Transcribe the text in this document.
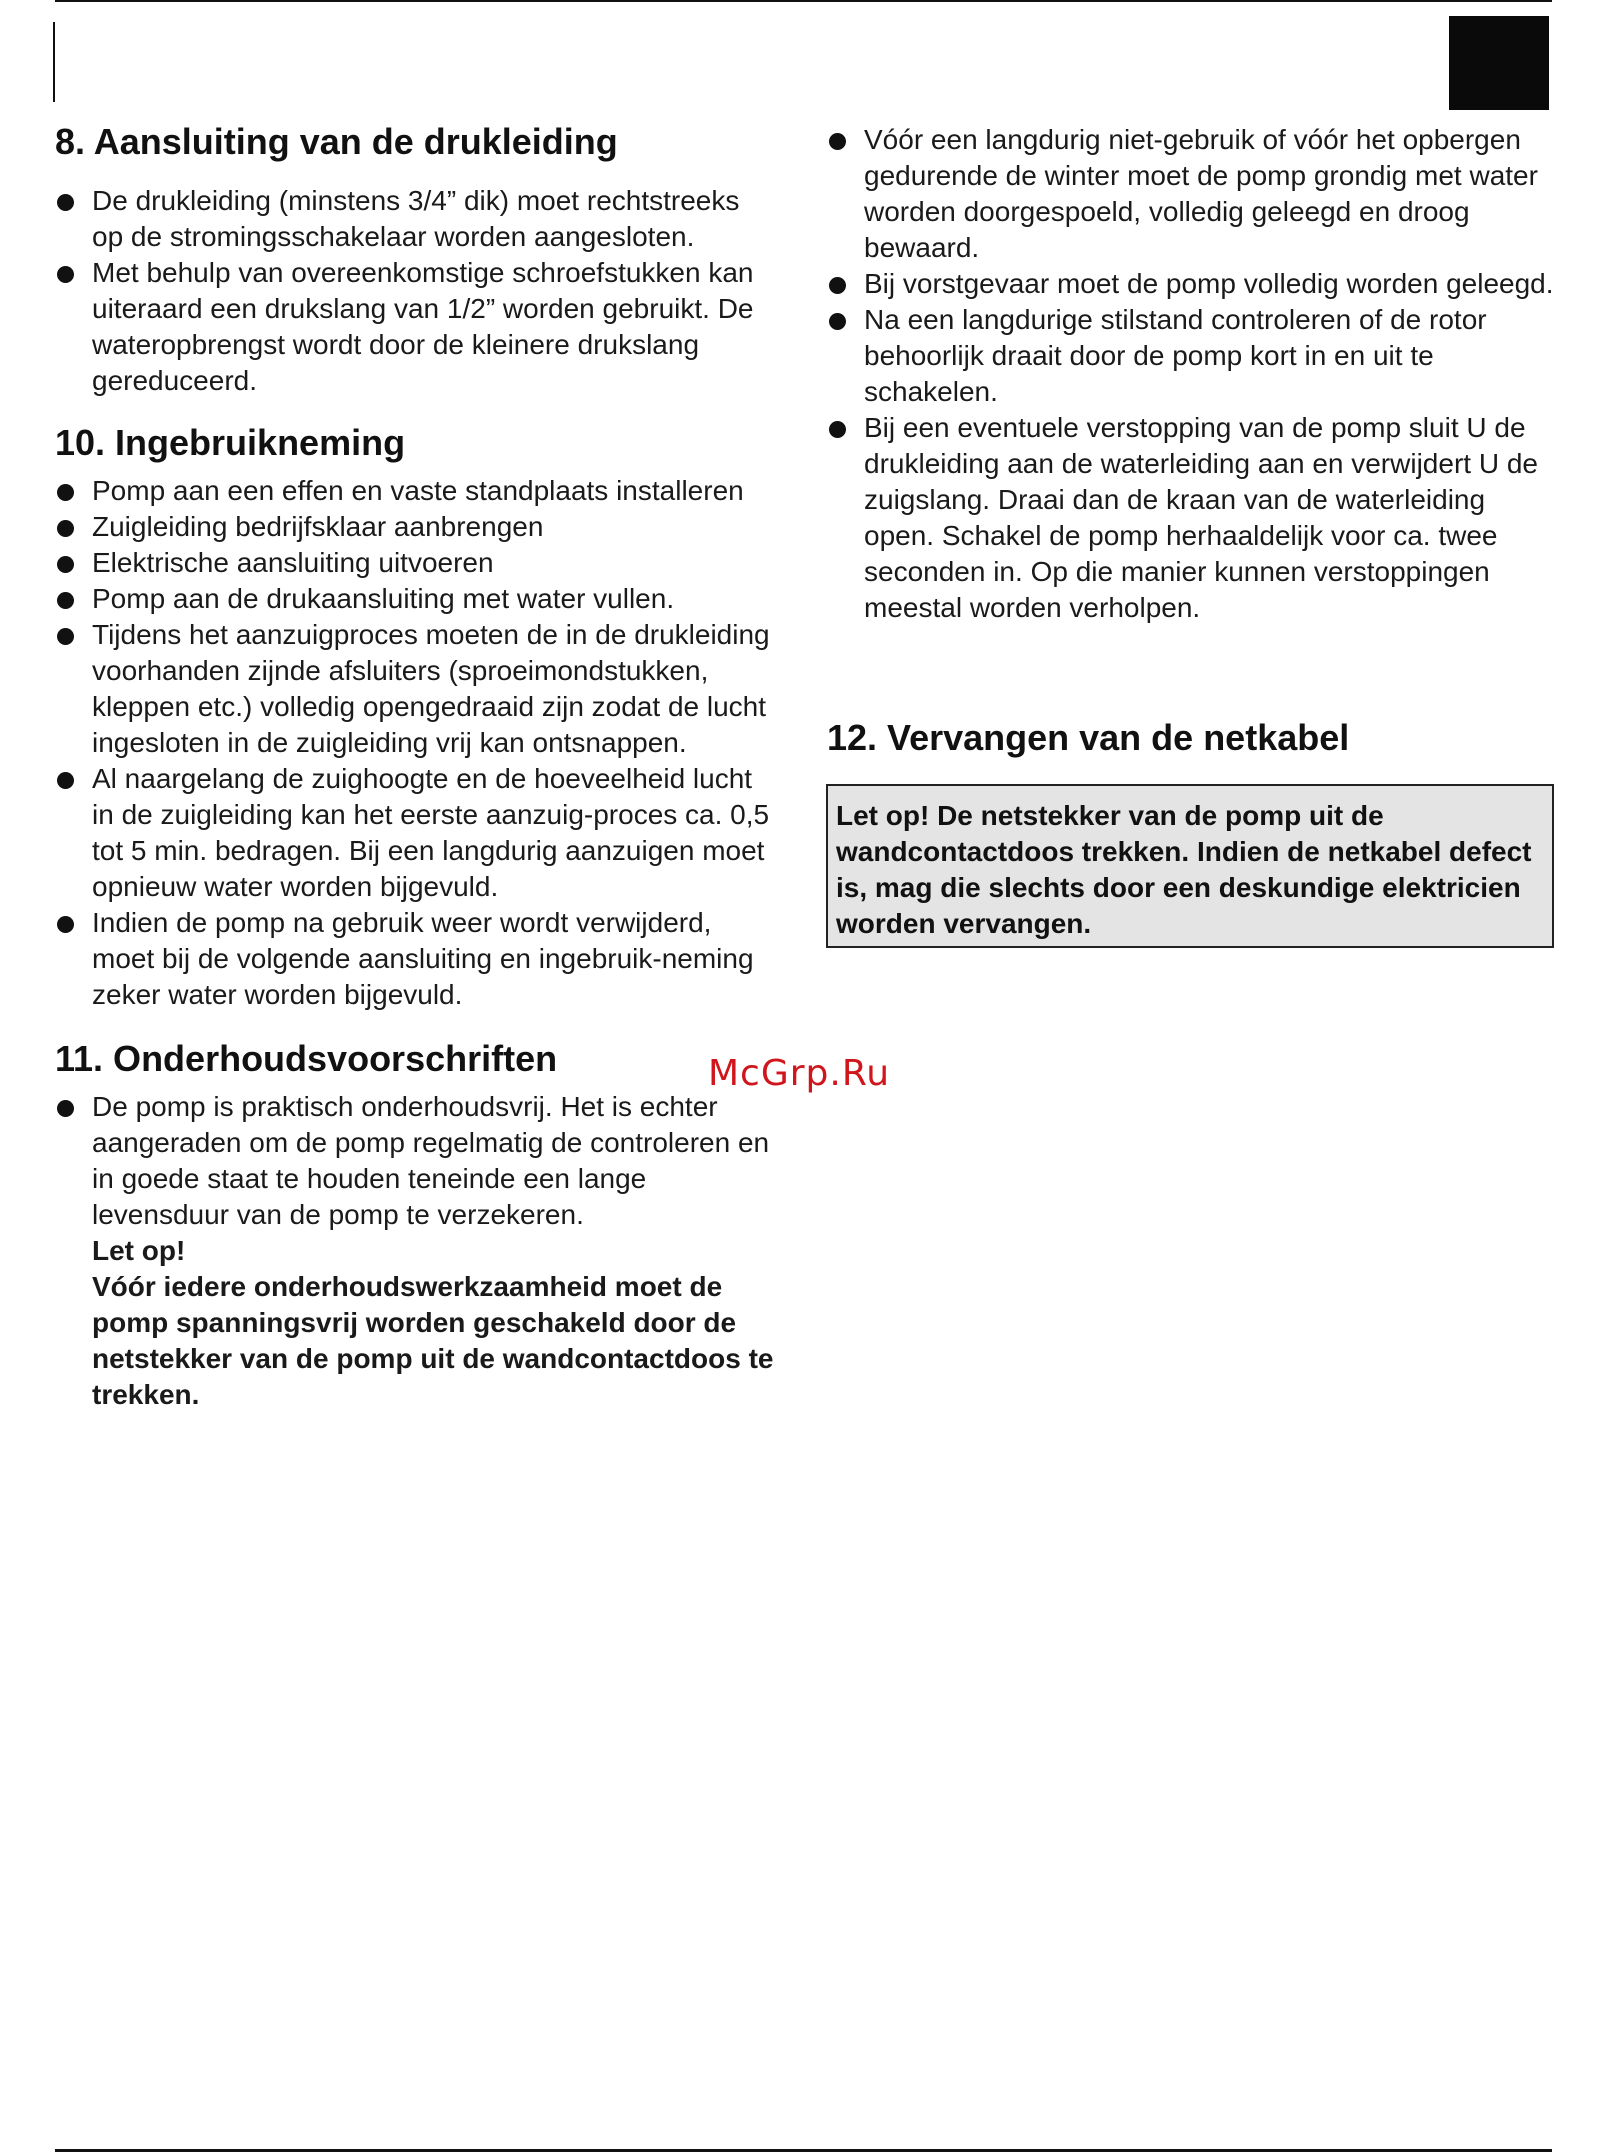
8. Aansluiting van de drukleiding
De drukleiding (minstens 3/4” dik) moet rechtstreeks op de stromingsschakelaar worden aangesloten.
Met behulp van overeenkomstige schroefstukken kan uiteraard een drukslang van 1/2” worden gebruikt. De wateropbrengst wordt door de kleinere drukslang gereduceerd.
10. Ingebruikneming
Pomp aan een effen en vaste standplaats installeren
Zuigleiding bedrijfsklaar aanbrengen
Elektrische aansluiting uitvoeren
Pomp aan de drukaansluiting met water vullen.
Tijdens het aanzuigproces moeten de in de drukleiding voorhanden zijnde afsluiters (sproeimondstukken, kleppen etc.) volledig opengedraaid zijn zodat de lucht ingesloten in de zuigleiding vrij kan ontsnappen.
Al naargelang de zuighoogte en de hoeveelheid lucht in de zuigleiding kan het eerste aanzuig-proces ca. 0,5 tot 5 min. bedragen. Bij een langdurig aanzuigen moet opnieuw water worden bijgevuld.
Indien de pomp na gebruik weer wordt verwijderd, moet bij de volgende aansluiting en ingebruik-neming zeker water worden bijgevuld.
11. Onderhoudsvoorschriften
De pomp is praktisch onderhoudsvrij. Het is echter aangeraden om de pomp regelmatig de controleren en in goede staat te houden teneinde een lange levensduur van de pomp te verzekeren.
Let op!
Vóór iedere onderhoudswerkzaamheid moet de pomp spanningsvrij worden geschakeld door de netstekker van de pomp uit de wandcontactdoos te trekken.
Vóór een langdurig niet-gebruik of vóór het opbergen gedurende de winter moet de pomp grondig met water worden doorgespoeld, volledig geleegd en droog bewaard.
Bij vorstgevaar moet de pomp volledig worden geleegd.
Na een langdurige stilstand controleren of de rotor behoorlijk draait door de pomp kort in en uit te schakelen.
Bij een eventuele verstopping van de pomp sluit U de drukleiding aan de waterleiding aan en verwijdert U de zuigslang. Draai dan de kraan van de waterleiding open. Schakel de pomp herhaaldelijk voor ca. twee seconden in. Op die manier kunnen verstoppingen meestal worden verholpen.
12. Vervangen van de netkabel
Let op! De netstekker van de pomp uit de wandcontactdoos trekken. Indien de netkabel defect is, mag die slechts door een deskundige elektricien worden vervangen.
McGrp.Ru
